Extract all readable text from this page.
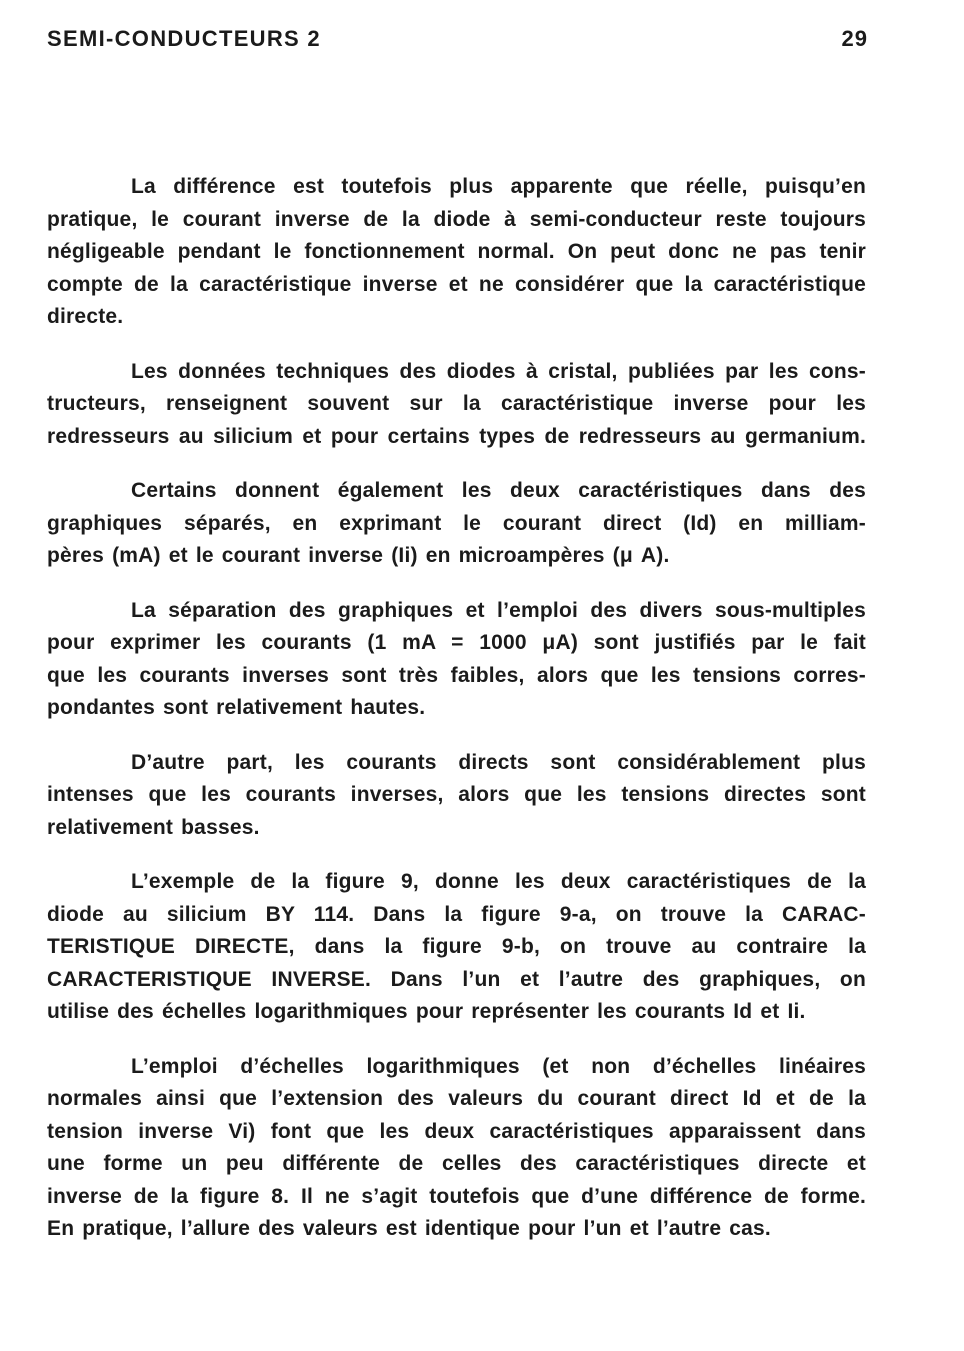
SEMI-CONDUCTEURS 2	29

La différence est toutefois plus apparente que réelle, puisqu’en
pratique, le courant inverse de la diode à semi-conducteur reste toujours
négligeable pendant le fonctionnement normal. On peut donc ne pas tenir
compte de la caractéristique inverse et ne considérer que la caractéristique
directe.

Les données techniques des diodes à cristal, publiées par les cons-
tructeurs, renseignent souvent sur la caractéristique inverse pour les
redresseurs au silicium et pour certains types de redresseurs au germanium.

Certains donnent également les deux caractéristiques dans des
graphiques séparés, en exprimant le courant direct (Id) en milliam-
pères (mA) et le courant inverse (Ii) en microampères (μ A).

La séparation des graphiques et l’emploi des divers sous-multiples
pour exprimer les courants (1 mA = 1000 μA) sont justifiés par le fait
que les courants inverses sont très faibles, alors que les tensions corres-
pondantes sont relativement hautes.

D’autre part, les courants directs sont considérablement plus
intenses que les courants inverses, alors que les tensions directes sont
relativement basses.

L’exemple de la figure 9, donne les deux caractéristiques de la
diode au silicium BY 114. Dans la figure 9-a, on trouve la CARAC-
TERISTIQUE DIRECTE, dans la figure 9-b, on trouve au contraire la
CARACTERISTIQUE INVERSE. Dans l’un et l’autre des graphiques, on
utilise des échelles logarithmiques pour représenter les courants Id et Ii.

L’emploi d’échelles logarithmiques (et non d’échelles linéaires
normales ainsi que l’extension des valeurs du courant direct Id et de la
tension inverse Vi) font que les deux caractéristiques apparaissent dans
une forme un peu différente de celles des caractéristiques directe et
inverse de la figure 8. Il ne s’agit toutefois que d’une différence de forme.
En pratique, l’allure des valeurs est identique pour l’un et l’autre cas.
